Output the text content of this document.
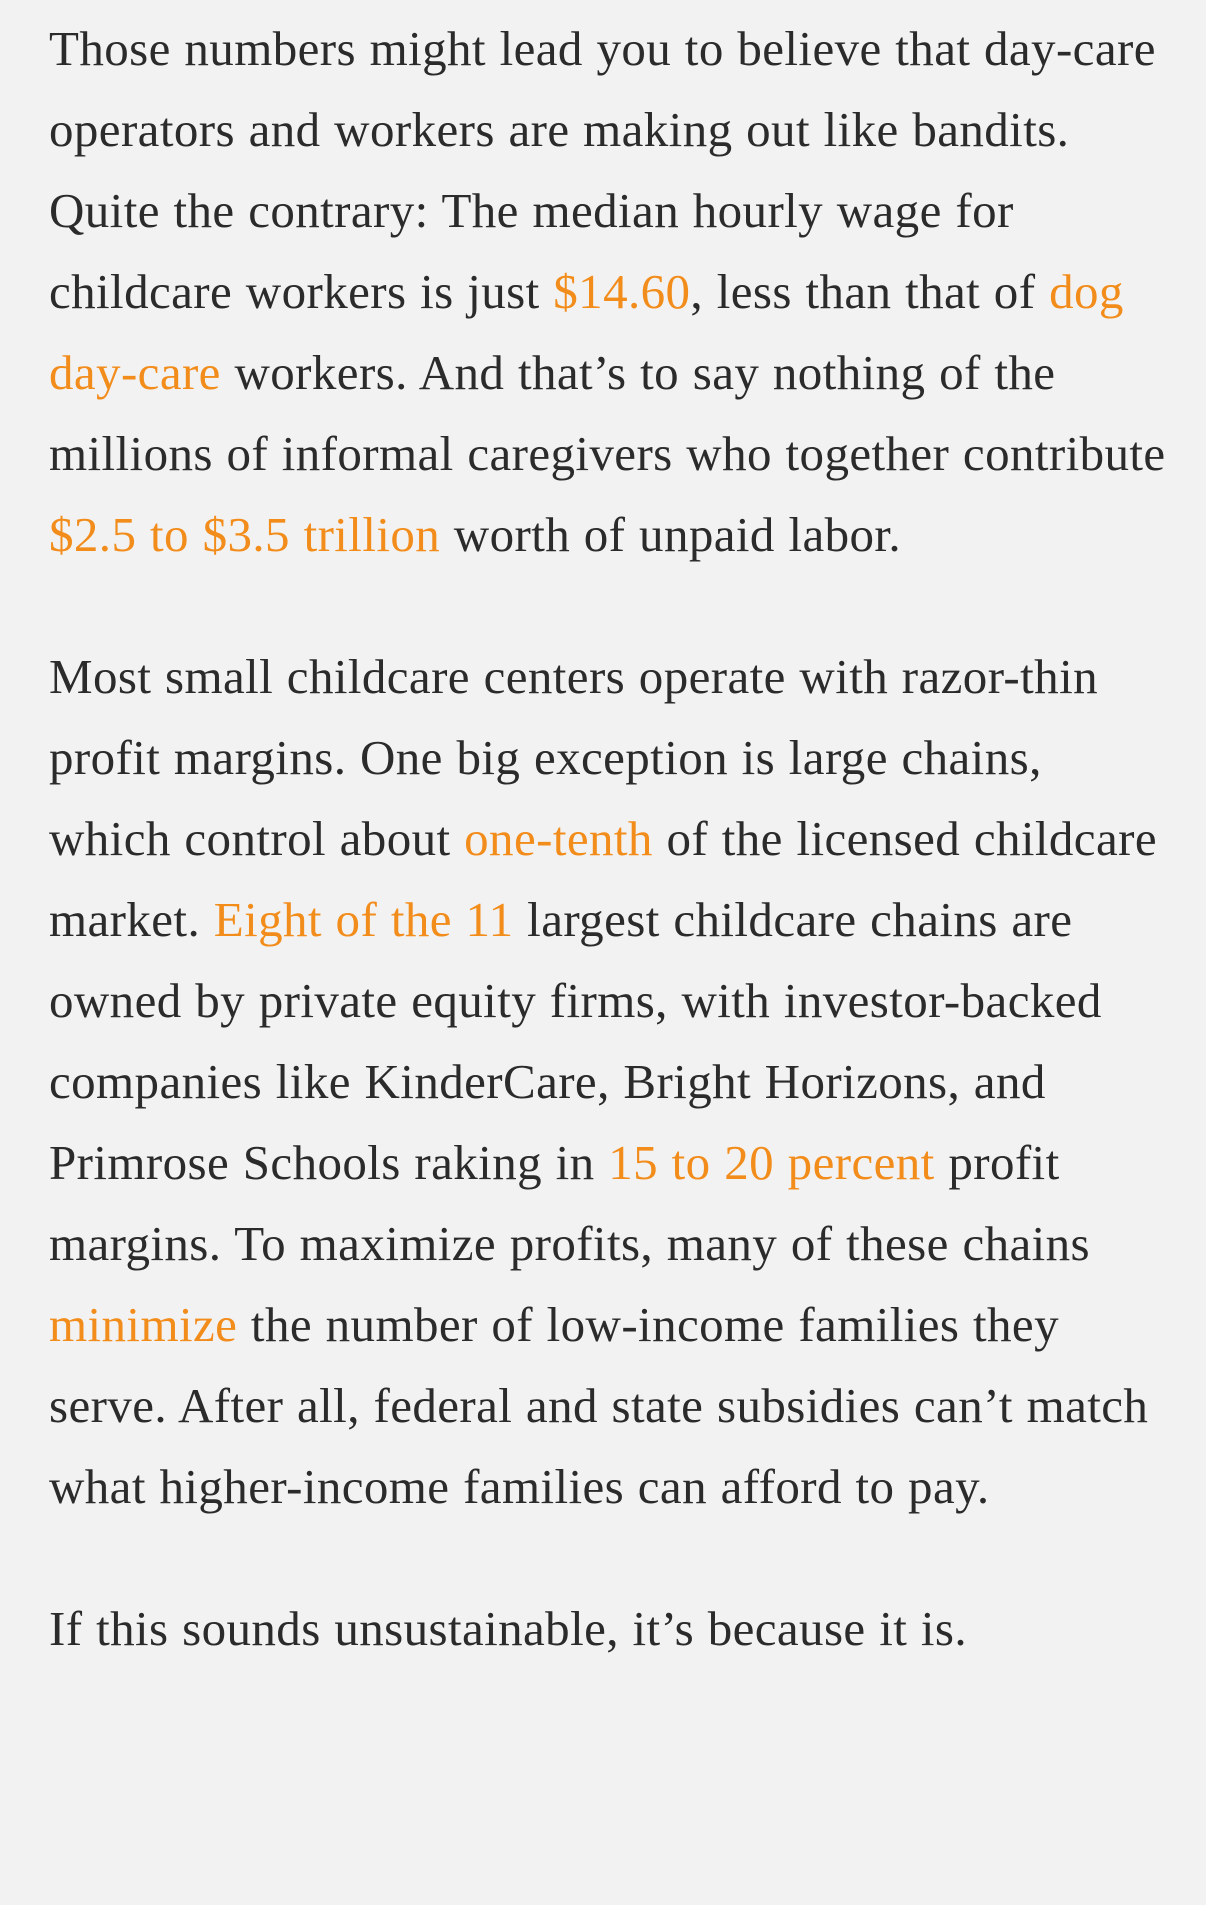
Those numbers might lead you to believe that day-care operators and workers are making out like bandits. Quite the contrary: The median hourly wage for childcare workers is just $14.60, less than that of dog day-care workers. And that’s to say nothing of the millions of informal caregivers who together contribute $2.5 to $3.5 trillion worth of unpaid labor.

Most small childcare centers operate with razor-thin profit margins. One big exception is large chains, which control about one-tenth of the licensed childcare market. Eight of the 11 largest childcare chains are owned by private equity firms, with investor-backed companies like KinderCare, Bright Horizons, and Primrose Schools raking in 15 to 20 percent profit margins. To maximize profits, many of these chains minimize the number of low-income families they serve. After all, federal and state subsidies can’t match what higher-income families can afford to pay.

If this sounds unsustainable, it’s because it is.
